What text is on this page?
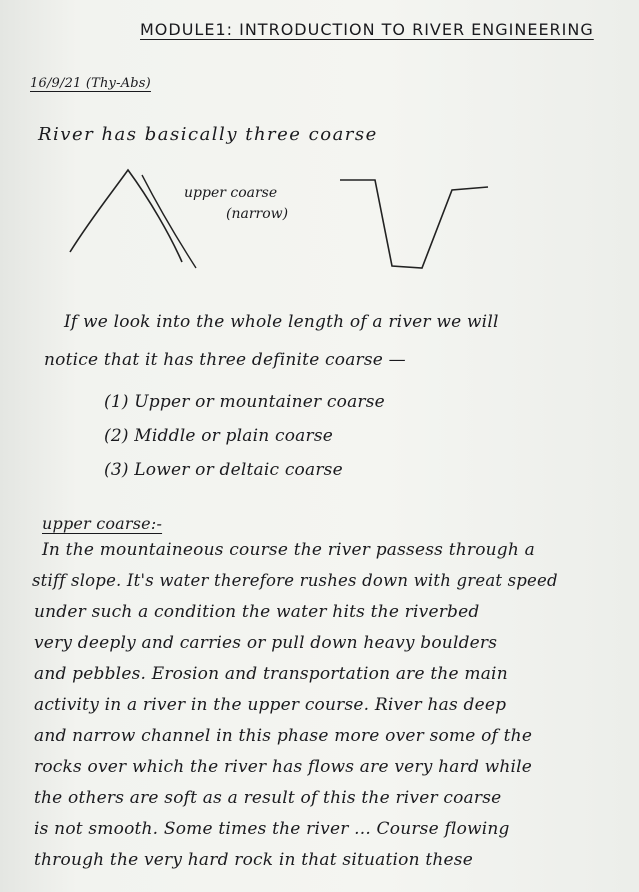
MODULE1: INTRODUCTION TO RIVER ENGINEERING
16/9/21 (Thy-Abs)
River has basically three coarse
upper coarse
(narrow)
If we look into the whole length of a river we will
notice that it has three definite coarse —
(1) Upper or mountainer coarse
(2) Middle or plain coarse
(3) Lower or deltaic coarse
upper coarse:-
In the mountaineous course the river passess through a
stiff slope. It's water therefore rushes down with great speed
under such a condition the water hits the riverbed
very deeply and carries or pull down heavy boulders
and pebbles. Erosion and transportation are the main
activity in a river in the upper course. River has deep
and narrow channel in this phase more over some of the
rocks over which the river has flows are very hard while
the others are soft as a result of this the river coarse
is not smooth. Some times the river ... Course flowing
through the very hard rock in that situation these
